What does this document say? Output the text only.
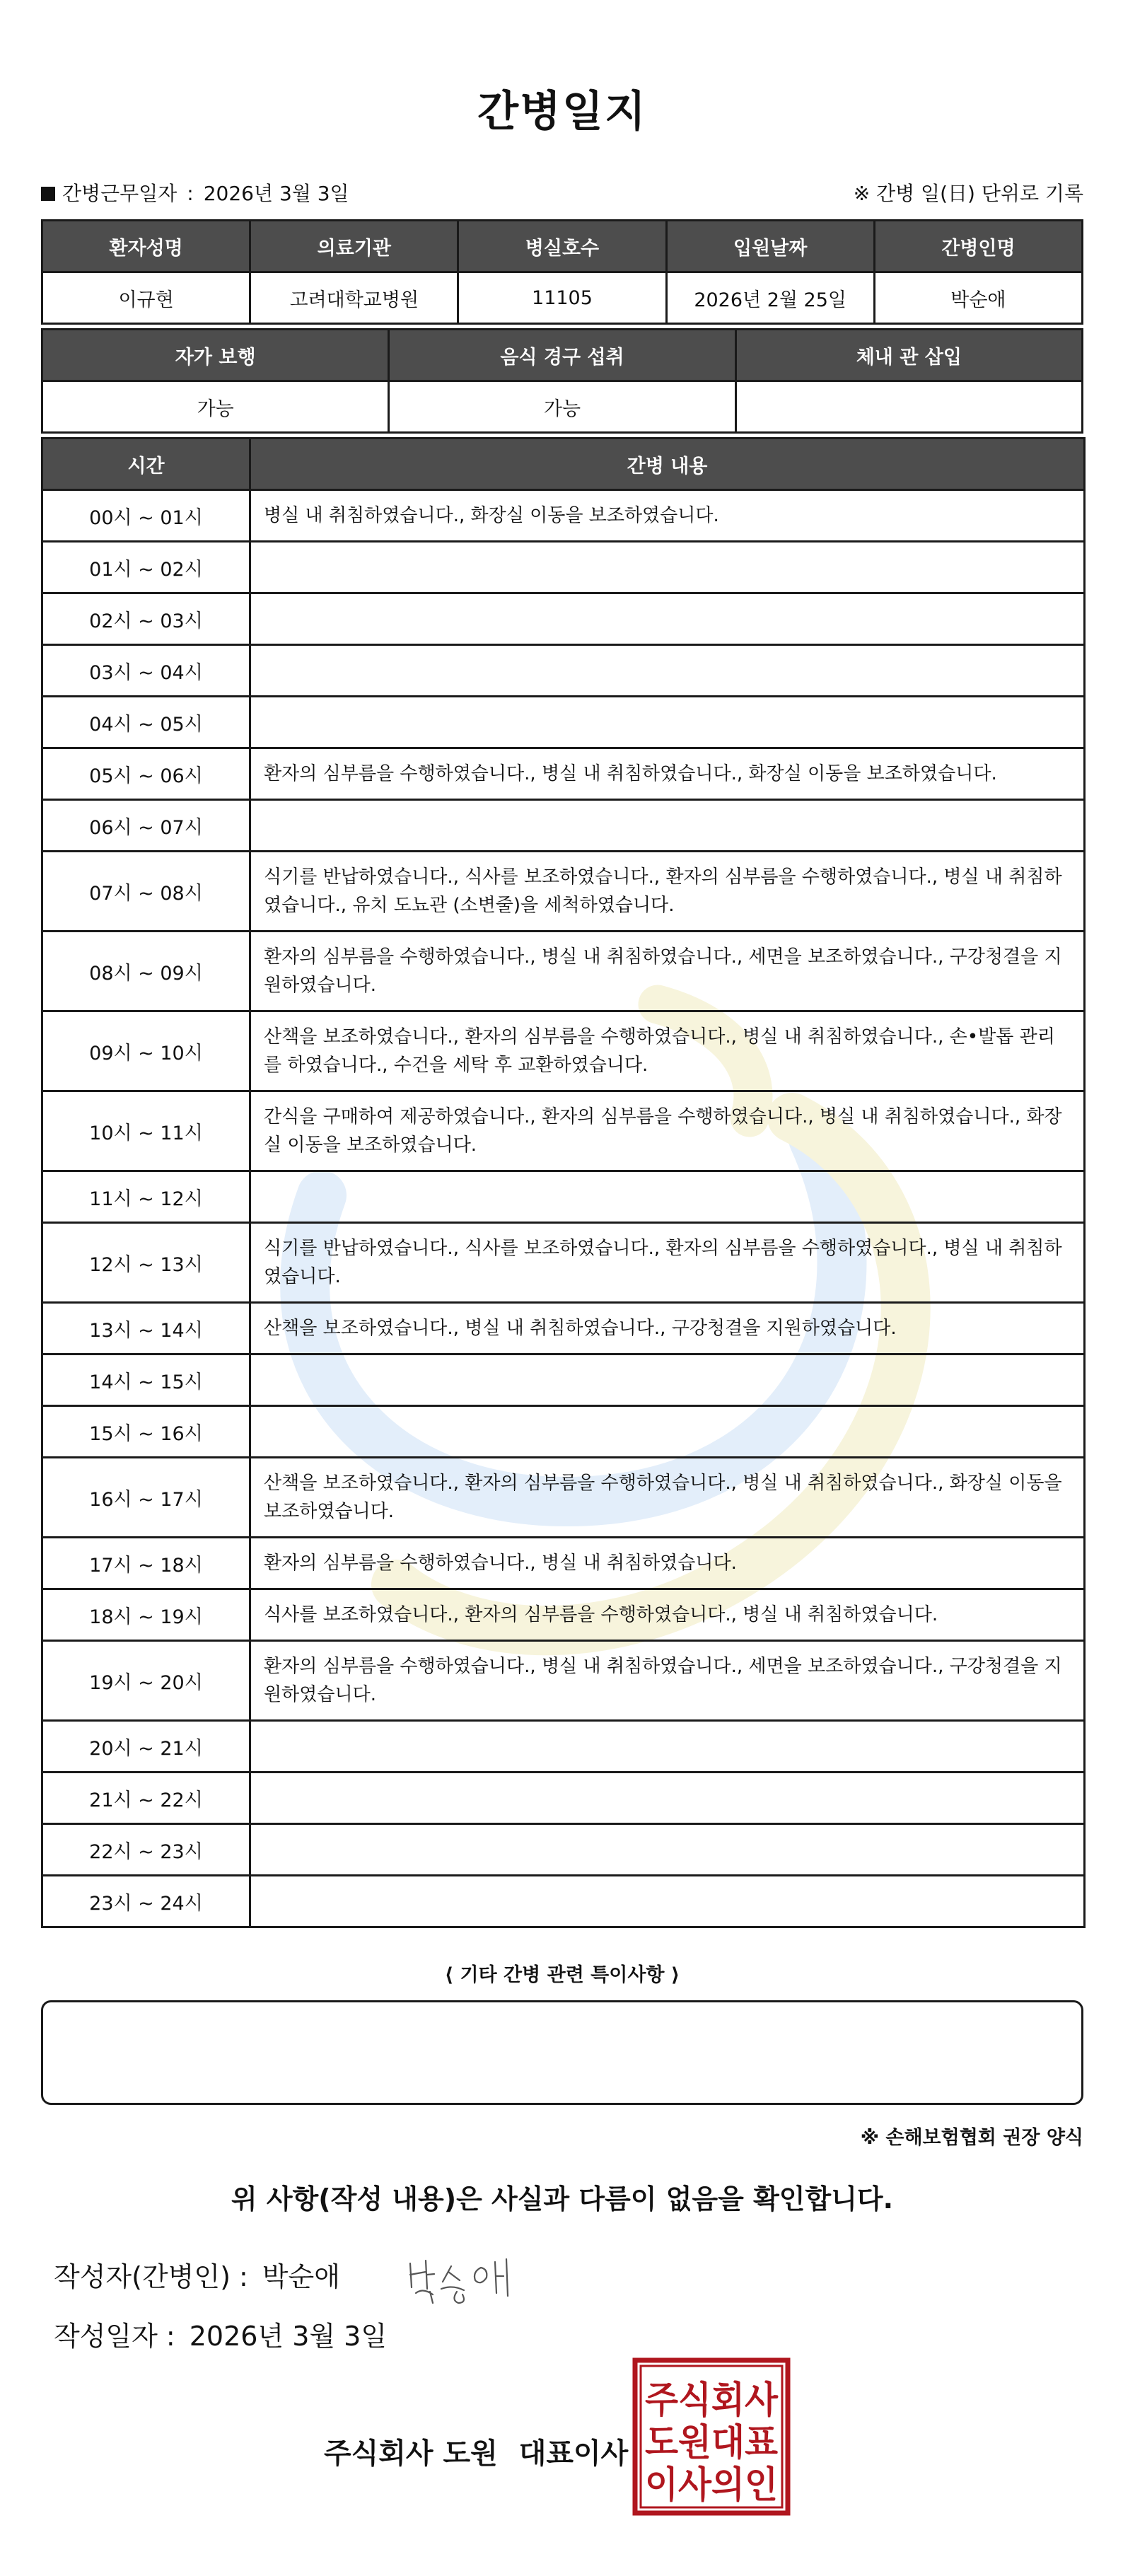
간병일지
간병근무일자 : 2026년 3월 3일	※ 간병 일(日) 단위로 기록
환자성명	의료기관	병실호수	입원날짜	간병인명
이규현	고려대학교병원	11105	2026년 2월 25일	박순애
자가 보행	음식 경구 섭취	체내 관 삽입
가능	가능	
시간	간병 내용
00시 ~ 01시	병실 내 취침하였습니다., 화장실 이동을 보조하였습니다.
01시 ~ 02시	
02시 ~ 03시	
03시 ~ 04시	
04시 ~ 05시	
05시 ~ 06시	환자의 심부름을 수행하였습니다., 병실 내 취침하였습니다., 화장실 이동을 보조하였습니다.
06시 ~ 07시	
07시 ~ 08시	식기를 반납하였습니다., 식사를 보조하였습니다., 환자의 심부름을 수행하였습니다., 병실 내 취침하였습니다., 유치 도뇨관 (소변줄)을 세척하였습니다.
08시 ~ 09시	환자의 심부름을 수행하였습니다., 병실 내 취침하였습니다., 세면을 보조하였습니다., 구강청결을 지원하였습니다.
09시 ~ 10시	산책을 보조하였습니다., 환자의 심부름을 수행하였습니다., 병실 내 취침하였습니다., 손•발톱 관리를 하였습니다., 수건을 세탁 후 교환하였습니다.
10시 ~ 11시	간식을 구매하여 제공하였습니다., 환자의 심부름을 수행하였습니다., 병실 내 취침하였습니다., 화장실 이동을 보조하였습니다.
11시 ~ 12시	
12시 ~ 13시	식기를 반납하였습니다., 식사를 보조하였습니다., 환자의 심부름을 수행하였습니다., 병실 내 취침하였습니다.
13시 ~ 14시	산책을 보조하였습니다., 병실 내 취침하였습니다., 구강청결을 지원하였습니다.
14시 ~ 15시	
15시 ~ 16시	
16시 ~ 17시	산책을 보조하였습니다., 환자의 심부름을 수행하였습니다., 병실 내 취침하였습니다., 화장실 이동을 보조하였습니다.
17시 ~ 18시	환자의 심부름을 수행하였습니다., 병실 내 취침하였습니다.
18시 ~ 19시	식사를 보조하였습니다., 환자의 심부름을 수행하였습니다., 병실 내 취침하였습니다.
19시 ~ 20시	환자의 심부름을 수행하였습니다., 병실 내 취침하였습니다., 세면을 보조하였습니다., 구강청결을 지원하였습니다.
20시 ~ 21시	
21시 ~ 22시	
22시 ~ 23시	
23시 ~ 24시	
⟨ 기타 간병 관련 특이사항 ⟩
※ 손해보험협회 권장 양식
위 사항(작성 내용)은 사실과 다름이 없음을 확인합니다.
작성자(간병인) : 박순애
작성일자 : 2026년 3월 3일
주식회사 도원 대표이사
주식회사
도원대표
이사의인
